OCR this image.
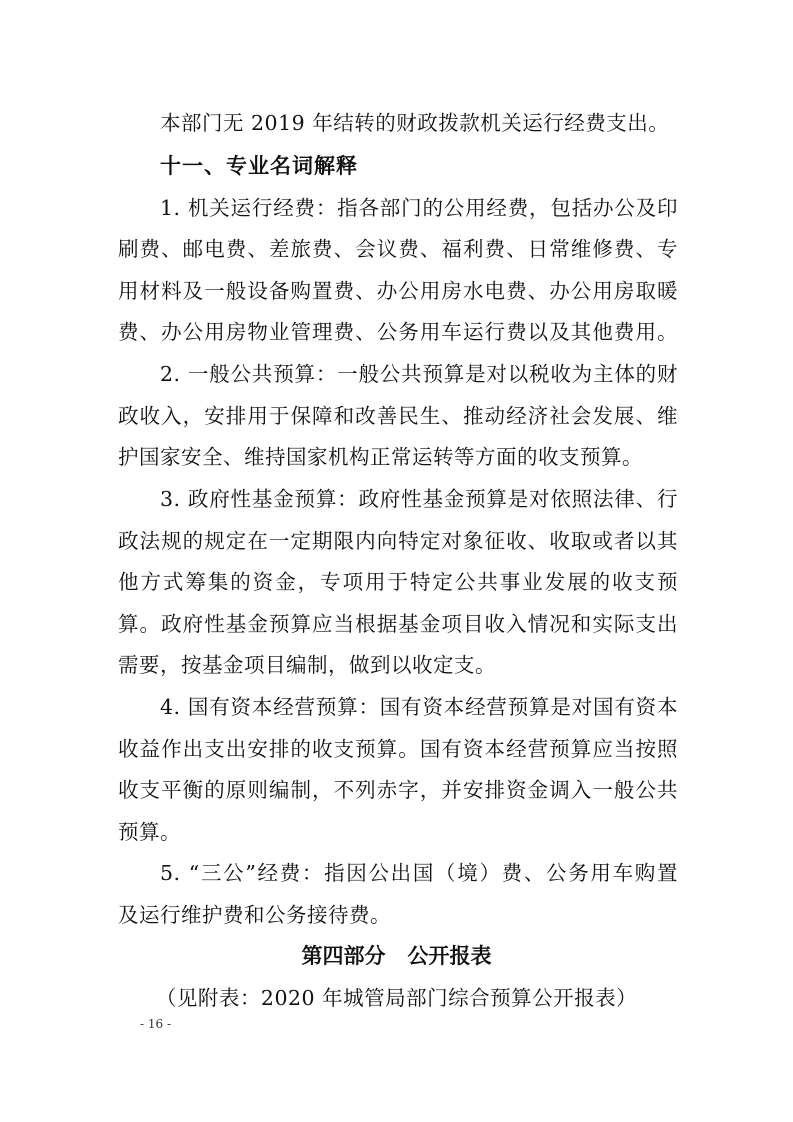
本部门无 2019 年结转的财政拨款机关运行经费支出。
十一、专业名词解释
1. 机关运行经费：指各部门的公用经费，包括办公及印
刷费、邮电费、差旅费、会议费、福利费、日常维修费、专
用材料及一般设备购置费、办公用房水电费、办公用房取暖
费、办公用房物业管理费、公务用车运行费以及其他费用。
2. 一般公共预算：一般公共预算是对以税收为主体的财
政收入，安排用于保障和改善民生、推动经济社会发展、维
护国家安全、维持国家机构正常运转等方面的收支预算。
3. 政府性基金预算：政府性基金预算是对依照法律、行
政法规的规定在一定期限内向特定对象征收、收取或者以其
他方式筹集的资金，专项用于特定公共事业发展的收支预
算。政府性基金预算应当根据基金项目收入情况和实际支出
需要，按基金项目编制，做到以收定支。
4. 国有资本经营预算：国有资本经营预算是对国有资本
收益作出支出安排的收支预算。国有资本经营预算应当按照
收支平衡的原则编制，不列赤字，并安排资金调入一般公共
预算。
5. “三公”经费：指因公出国（境）费、公务用车购置
及运行维护费和公务接待费。
第四部分   公开报表
（见附表：2020 年城管局部门综合预算公开报表）
- 16 -
